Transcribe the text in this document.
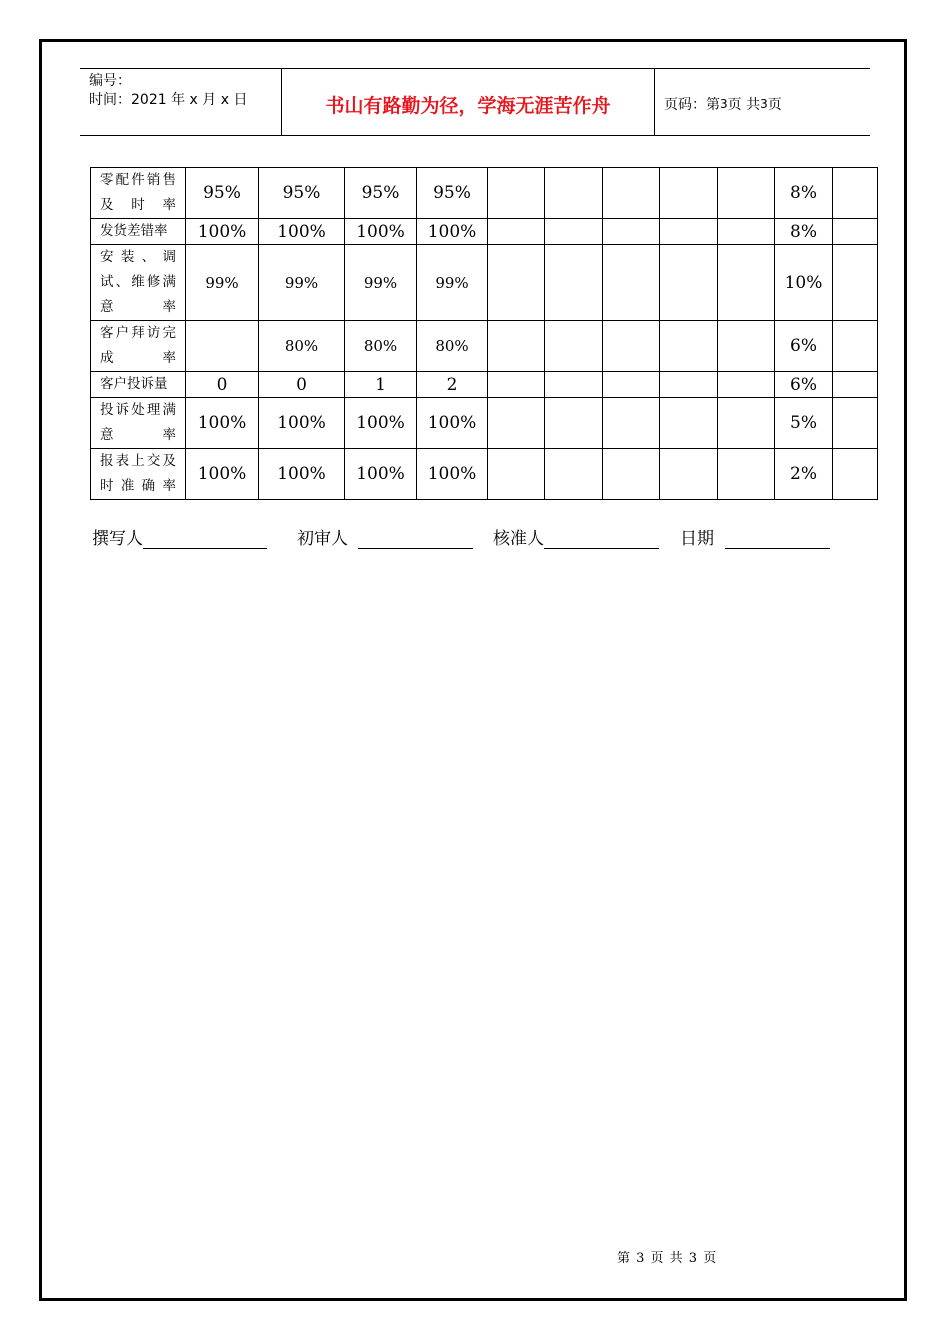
编号：
时间：2021 年 x 月 x 日	书山有路勤为径，学海无涯苦作舟	页码：第 3 页 共 3 页
零配件销售及时率	95%	95%	95%	95%						8%	
发货差错率	100%	100%	100%	100%						8%	
安装、调试、维修满意率	99%	99%	99%	99%						10%	
客户拜访完成率		80%	80%	80%						6%	
客户投诉量	0	0	1	2						6%	
投诉处理满意率	100%	100%	100%	100%						5%	
报表上交及时准确率	100%	100%	100%	100%						2%	
撰写人	初审人	核准人	日期
第 3 页 共 3 页
